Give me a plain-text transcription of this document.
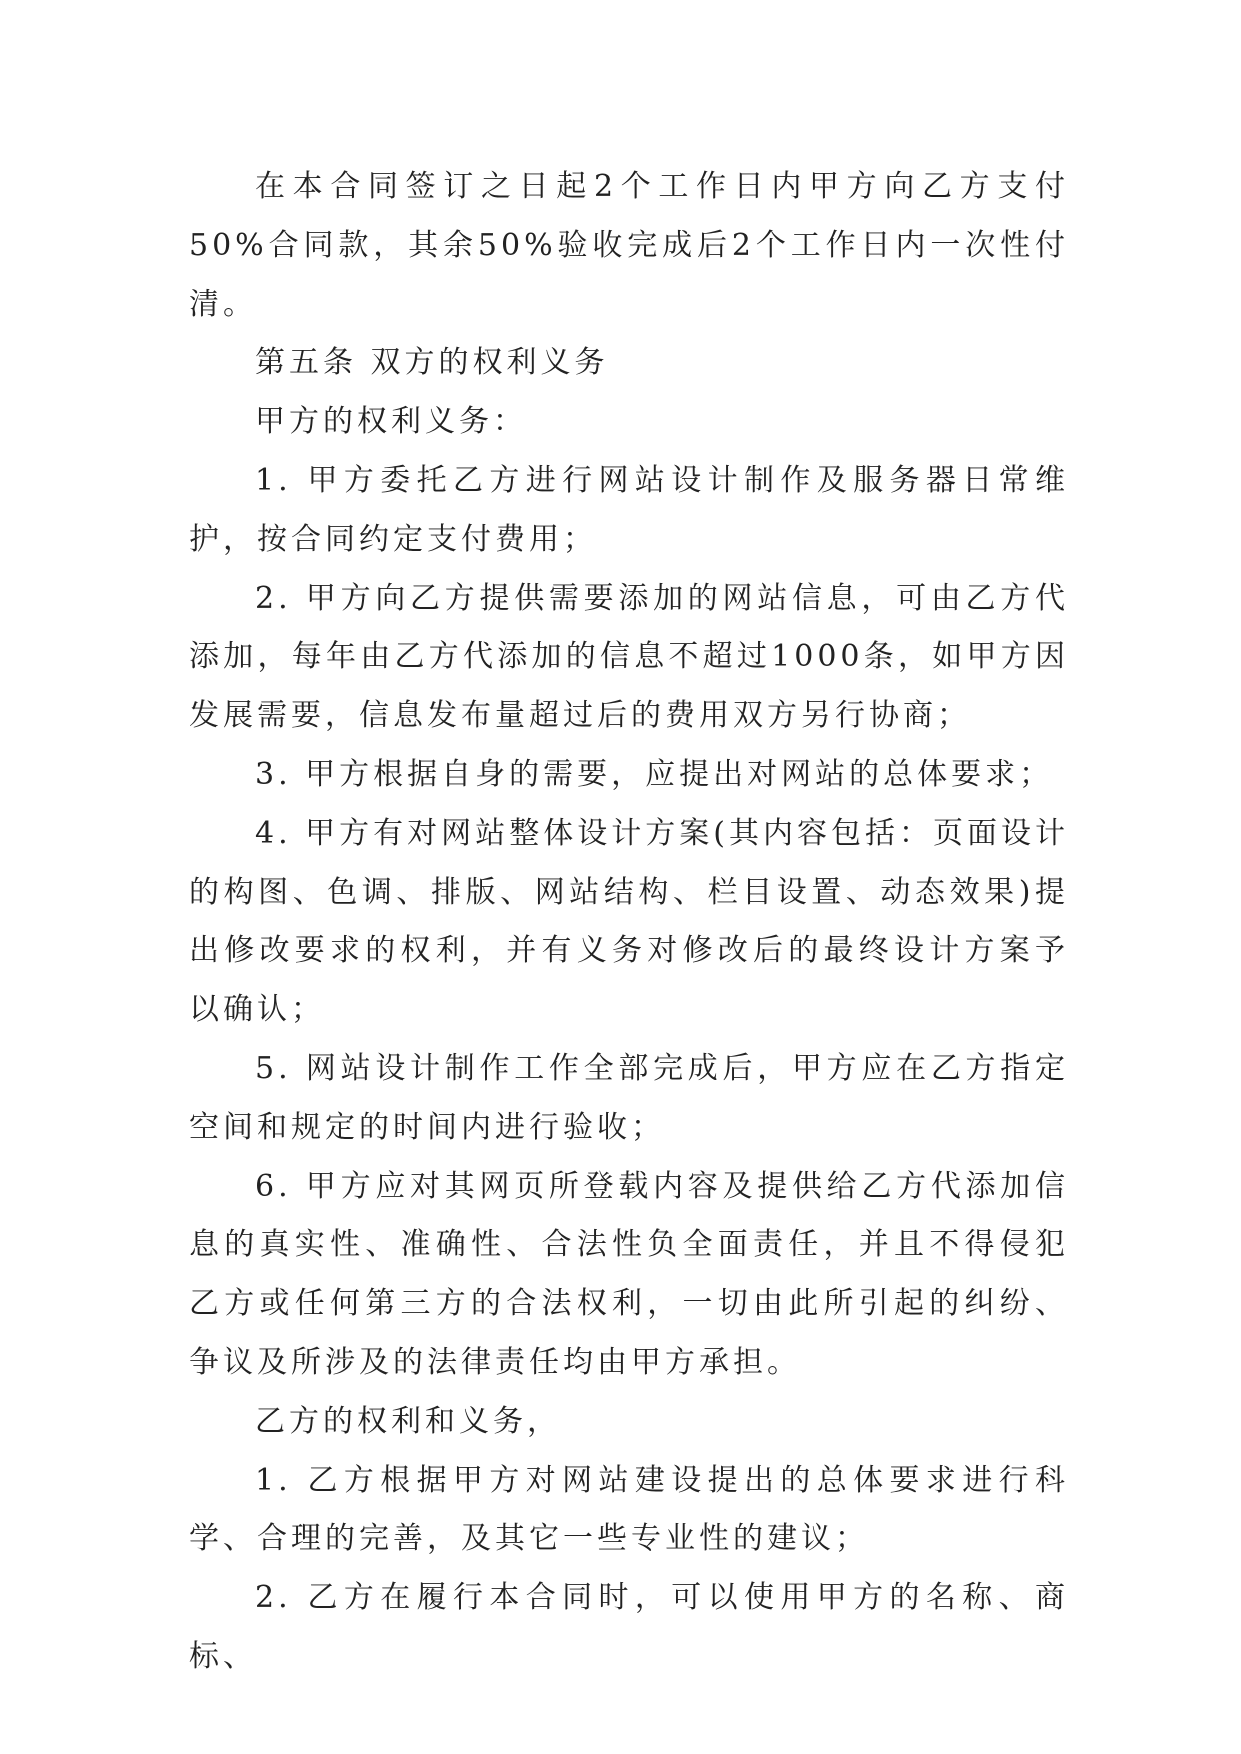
在本合同签订之日起2个工作日内甲方向乙方支付50%合同款，其余50%验收完成后2个工作日内一次性付清。

第五条 双方的权利义务

甲方的权利义务：

1. 甲方委托乙方进行网站设计制作及服务器日常维护，按合同约定支付费用；

2. 甲方向乙方提供需要添加的网站信息，可由乙方代添加，每年由乙方代添加的信息不超过1000条，如甲方因发展需要，信息发布量超过后的费用双方另行协商；

3. 甲方根据自身的需要，应提出对网站的总体要求；

4. 甲方有对网站整体设计方案(其内容包括：页面设计的构图、色调、排版、网站结构、栏目设置、动态效果)提出修改要求的权利，并有义务对修改后的最终设计方案予以确认；

5. 网站设计制作工作全部完成后，甲方应在乙方指定空间和规定的时间内进行验收；

6. 甲方应对其网页所登载内容及提供给乙方代添加信息的真实性、准确性、合法性负全面责任，并且不得侵犯乙方或任何第三方的合法权利，一切由此所引起的纠纷、争议及所涉及的法律责任均由甲方承担。

乙方的权利和义务，

1. 乙方根据甲方对网站建设提出的总体要求进行科学、合理的完善，及其它一些专业性的建议；

2. 乙方在履行本合同时，可以使用甲方的名称、商标、
